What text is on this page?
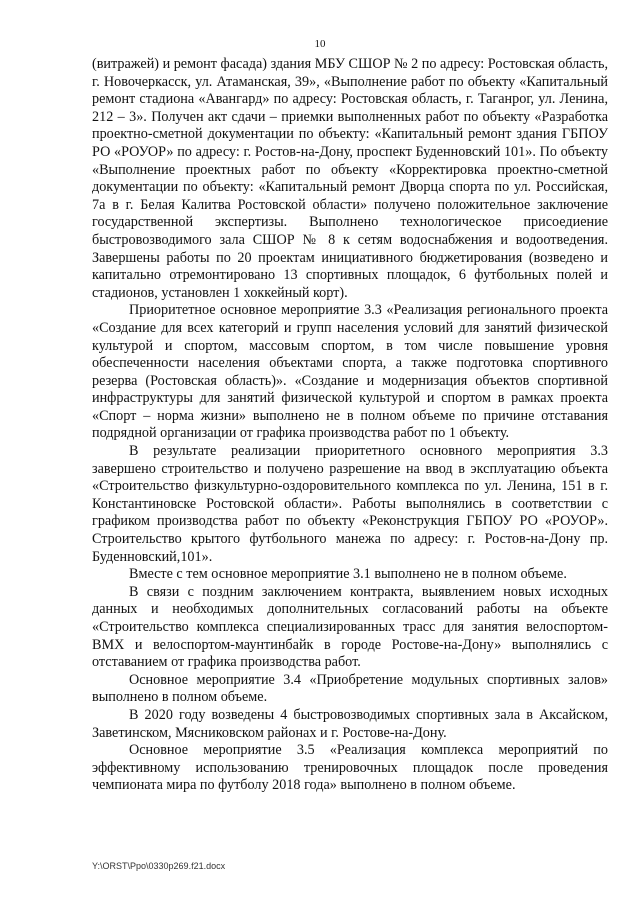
10

(витражей) и ремонт фасада) здания МБУ СШОР № 2 по адресу: Ростовская область, г. Новочеркасск, ул. Атаманская, 39», «Выполнение работ по объекту «Капитальный ремонт стадиона «Авангард» по адресу: Ростовская область, г. Таганрог, ул. Ленина, 212 – 3». Получен акт сдачи – приемки выполненных работ по объекту «Разработка проектно-сметной документации по объекту: «Капитальный ремонт здания ГБПОУ РО «РОУОР» по адресу: г. Ростов-на-Дону, проспект Буденновский 101». По объекту «Выполнение проектных работ по объекту «Корректировка проектно-сметной документации по объекту: «Капитальный ремонт Дворца спорта по ул. Российская, 7а в г. Белая Калитва Ростовской области» получено положительное заключение государственной экспертизы. Выполнено технологическое присоедиение быстровозводимого зала СШОР № 8 к сетям водоснабжения и водоотведения. Завершены работы по 20 проектам инициативного бюджетирования (возведено и капитально отремонтировано 13 спортивных площадок, 6 футбольных полей и стадионов, установлен 1 хоккейный корт).

Приоритетное основное мероприятие 3.3 «Реализация регионального проекта «Создание для всех категорий и групп населения условий для занятий физической культурой и спортом, массовым спортом, в том числе повышение уровня обеспеченности населения объектами спорта, а также подготовка спортивного резерва (Ростовская область)». «Создание и модернизация объектов спортивной инфраструктуры для занятий физической культурой и спортом в рамках проекта «Спорт – норма жизни» выполнено не в полном объеме по причине отставания подрядной организации от графика производства работ по 1 объекту.

В результате реализации приоритетного основного мероприятия 3.3 завершено строительство и получено разрешение на ввод в эксплуатацию объекта «Строительство физкультурно-оздоровительного комплекса по ул. Ленина, 151 в г. Константиновске Ростовской области». Работы выполнялись в соответствии с графиком производства работ по объекту «Реконструкция ГБПОУ РО «РОУОР». Строительство крытого футбольного манежа по адресу: г. Ростов-на-Дону пр. Буденновский,101».

Вместе с тем основное мероприятие 3.1 выполнено не в полном объеме.

В связи с поздним заключением контракта, выявлением новых исходных данных и необходимых дополнительных согласований работы на объекте «Строительство комплекса специализированных трасс для занятия велоспортом-ВМХ и велоспортом-маунтинбайк в городе Ростове-на-Дону» выполнялись с отставанием от графика производства работ.

Основное мероприятие 3.4 «Приобретение модульных спортивных залов» выполнено в полном объеме.

В 2020 году возведены 4 быстровозводимых спортивных зала в Аксайском, Заветинском, Мясниковском районах и г. Ростове-на-Дону.

Основное мероприятие 3.5 «Реализация комплекса мероприятий по эффективному использованию тренировочных площадок после проведения чемпионата мира по футболу 2018 года» выполнено в полном объеме.

Y:\ORST\Ppo\0330p269.f21.docx
